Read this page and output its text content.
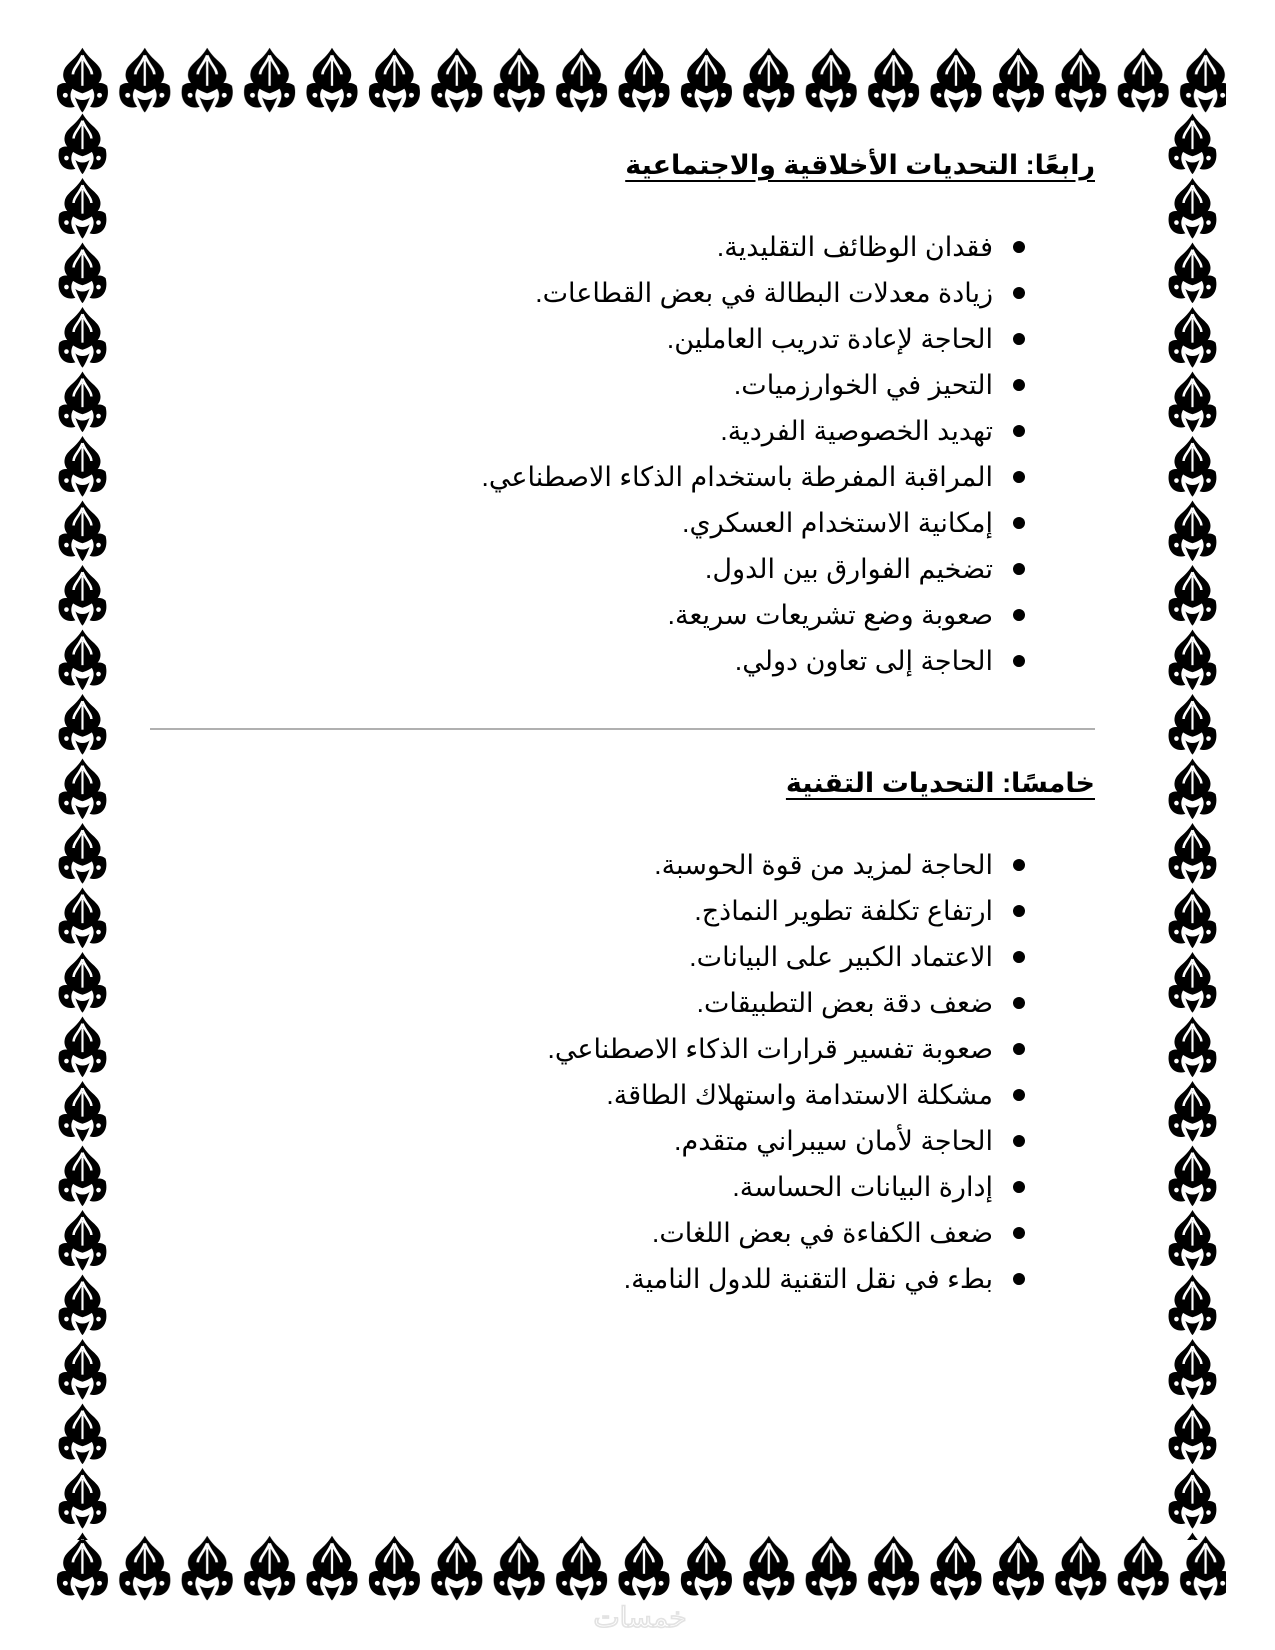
رابعًا: التحديات الأخلاقية والاجتماعية
فقدان الوظائف التقليدية.
زيادة معدلات البطالة في بعض القطاعات.
الحاجة لإعادة تدريب العاملين.
التحيز في الخوارزميات.
تهديد الخصوصية الفردية.
المراقبة المفرطة باستخدام الذكاء الاصطناعي.
إمكانية الاستخدام العسكري.
تضخيم الفوارق بين الدول.
صعوبة وضع تشريعات سريعة.
الحاجة إلى تعاون دولي.
خامسًا: التحديات التقنية
الحاجة لمزيد من قوة الحوسبة.
ارتفاع تكلفة تطوير النماذج.
الاعتماد الكبير على البيانات.
ضعف دقة بعض التطبيقات.
صعوبة تفسير قرارات الذكاء الاصطناعي.
مشكلة الاستدامة واستهلاك الطاقة.
الحاجة لأمان سيبراني متقدم.
إدارة البيانات الحساسة.
ضعف الكفاءة في بعض اللغات.
بطء في نقل التقنية للدول النامية.
خمسات
